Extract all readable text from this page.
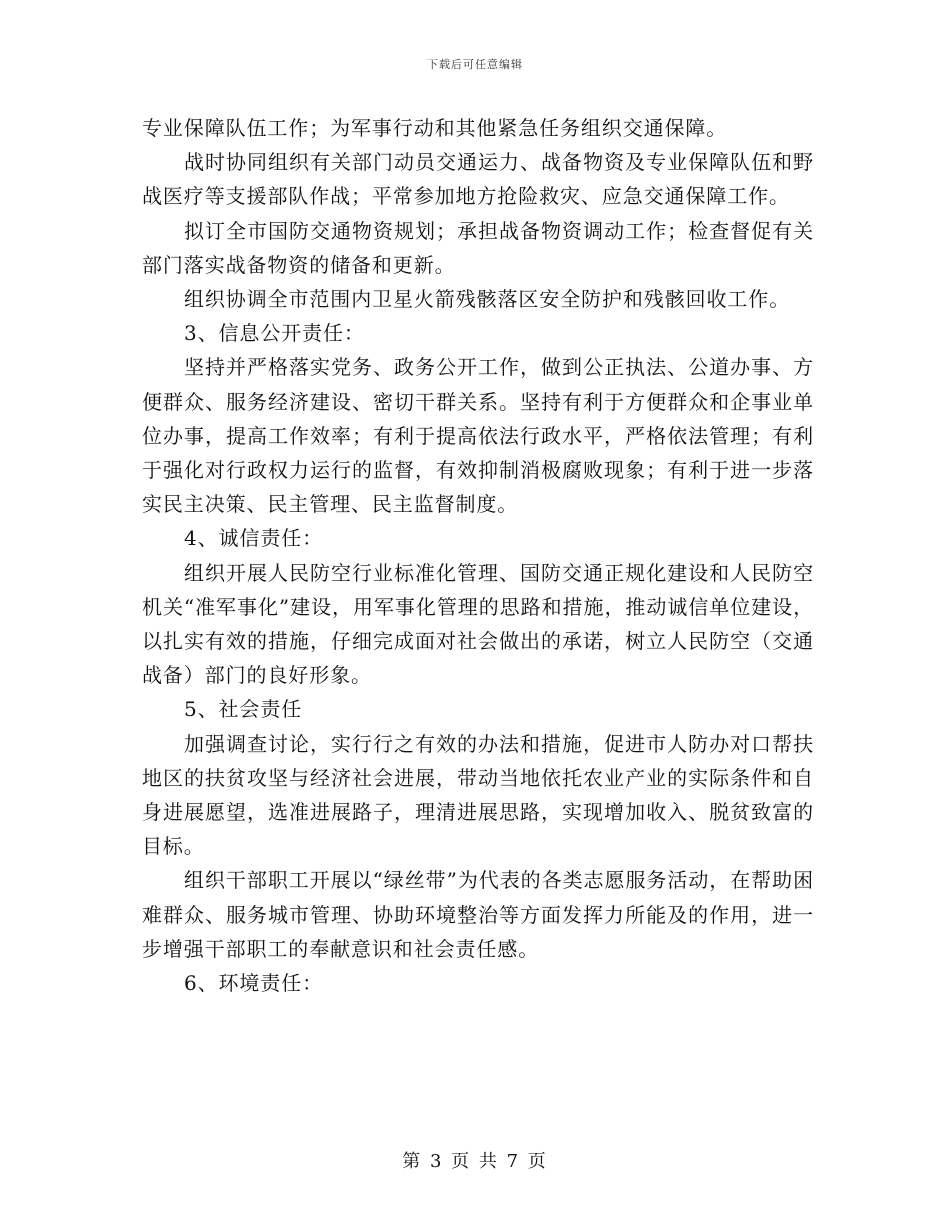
下载后可任意编辑

专业保障队伍工作；为军事行动和其他紧急任务组织交通保障。

战时协同组织有关部门动员交通运力、战备物资及专业保障队伍和野战医疗等支援部队作战；平常参加地方抢险救灾、应急交通保障工作。

拟订全市国防交通物资规划；承担战备物资调动工作；检查督促有关部门落实战备物资的储备和更新。

组织协调全市范围内卫星火箭残骸落区安全防护和残骸回收工作。

3、信息公开责任：

坚持并严格落实党务、政务公开工作，做到公正执法、公道办事、方便群众、服务经济建设、密切干群关系。坚持有利于方便群众和企事业单位办事，提高工作效率；有利于提高依法行政水平，严格依法管理；有利于强化对行政权力运行的监督，有效抑制消极腐败现象；有利于进一步落实民主决策、民主管理、民主监督制度。

4、诚信责任：

组织开展人民防空行业标准化管理、国防交通正规化建设和人民防空机关“准军事化”建设，用军事化管理的思路和措施，推动诚信单位建设，以扎实有效的措施，仔细完成面对社会做出的承诺，树立人民防空（交通战备）部门的良好形象。

5、社会责任

加强调查讨论，实行行之有效的办法和措施，促进市人防办对口帮扶地区的扶贫攻坚与经济社会进展，带动当地依托农业产业的实际条件和自身进展愿望，选准进展路子，理清进展思路，实现增加收入、脱贫致富的目标。

组织干部职工开展以“绿丝带”为代表的各类志愿服务活动，在帮助困难群众、服务城市管理、协助环境整治等方面发挥力所能及的作用，进一步增强干部职工的奉献意识和社会责任感。

6、环境责任：

第 3 页 共 7 页
